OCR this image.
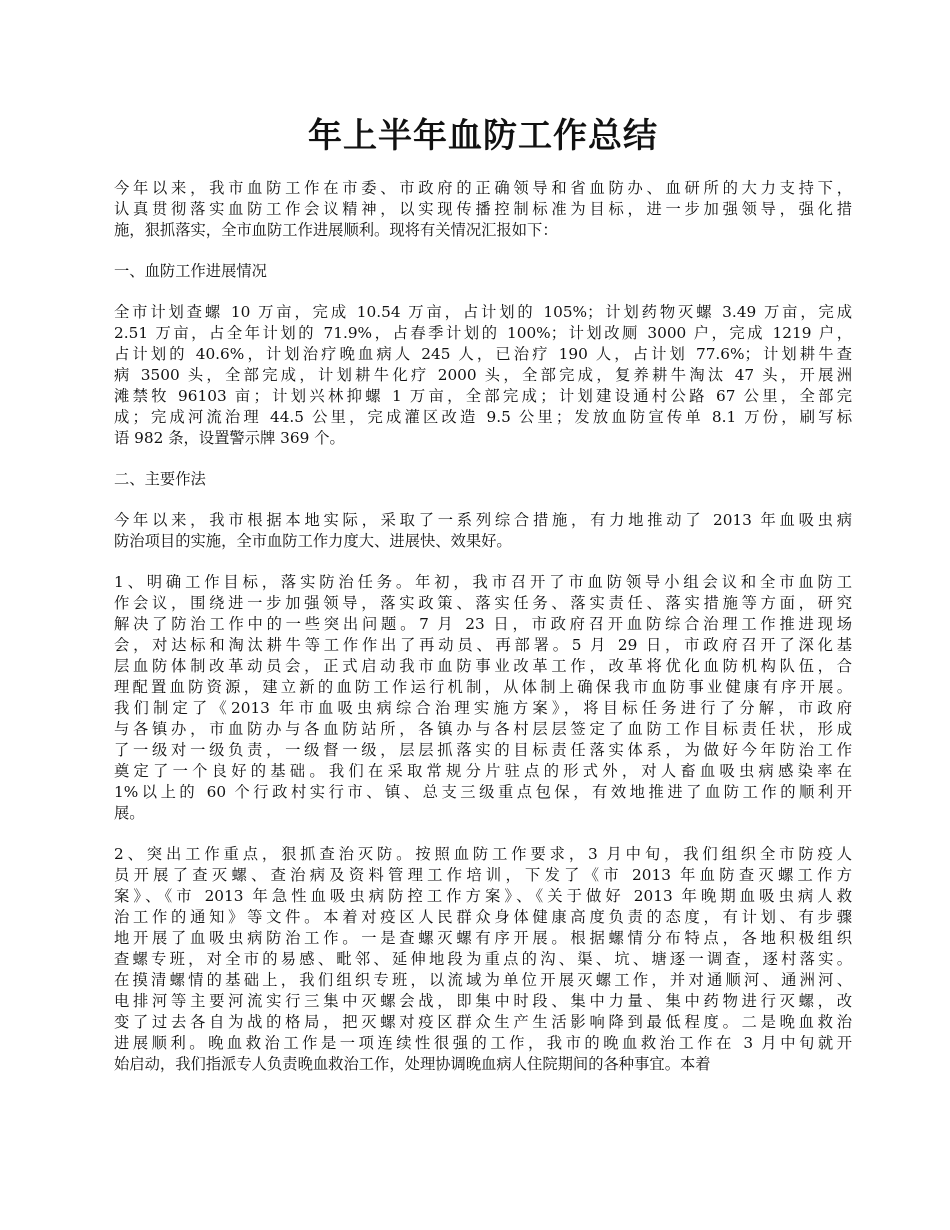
年上半年血防工作总结
今年以来，我市血防工作在市委、市政府的正确领导和省血防办、血研所的大力支持下，
认真贯彻落实血防工作会议精神，以实现传播控制标准为目标，进一步加强领导，强化措
施，狠抓落实，全市血防工作进展顺利。现将有关情况汇报如下：
一、血防工作进展情况
全市计划查螺 10 万亩，完成 10.54 万亩，占计划的 105%；计划药物灭螺 3.49 万亩，完成
2.51 万亩，占全年计划的 71.9%，占春季计划的 100%；计划改厕 3000 户，完成 1219 户，
占计划的 40.6%，计划治疗晚血病人 245 人，已治疗 190 人，占计划 77.6%；计划耕牛查
病 3500 头，全部完成，计划耕牛化疗 2000 头，全部完成，复养耕牛淘汰 47 头，开展洲
滩禁牧 96103 亩；计划兴林抑螺 1 万亩，全部完成；计划建设通村公路 67 公里，全部完
成；完成河流治理 44.5 公里，完成灌区改造 9.5 公里；发放血防宣传单 8.1 万份，刷写标
语 982 条，设置警示牌 369 个。
二、主要作法
今年以来，我市根据本地实际，采取了一系列综合措施，有力地推动了 2013 年血吸虫病
防治项目的实施，全市血防工作力度大、进展快、效果好。
1、明确工作目标，落实防治任务。年初，我市召开了市血防领导小组会议和全市血防工
作会议，围绕进一步加强领导，落实政策、落实任务、落实责任、落实措施等方面，研究
解决了防治工作中的一些突出问题。7 月 23 日，市政府召开血防综合治理工作推进现场
会，对达标和淘汰耕牛等工作作出了再动员、再部署。5 月 29 日，市政府召开了深化基
层血防体制改革动员会，正式启动我市血防事业改革工作，改革将优化血防机构队伍，合
理配置血防资源，建立新的血防工作运行机制，从体制上确保我市血防事业健康有序开展。
我们制定了《2013 年市血吸虫病综合治理实施方案》，将目标任务进行了分解，市政府
与各镇办，市血防办与各血防站所，各镇办与各村层层签定了血防工作目标责任状，形成
了一级对一级负责，一级督一级，层层抓落实的目标责任落实体系，为做好今年防治工作
奠定了一个良好的基础。我们在采取常规分片驻点的形式外，对人畜血吸虫病感染率在
1%以上的 60 个行政村实行市、镇、总支三级重点包保，有效地推进了血防工作的顺利开
展。
2、突出工作重点，狠抓查治灭防。按照血防工作要求，3 月中旬，我们组织全市防疫人
员开展了查灭螺、查治病及资料管理工作培训，下发了《市 2013 年血防查灭螺工作方
案》、《市 2013 年急性血吸虫病防控工作方案》、《关于做好 2013 年晚期血吸虫病人救
治工作的通知》等文件。本着对疫区人民群众身体健康高度负责的态度，有计划、有步骤
地开展了血吸虫病防治工作。一是查螺灭螺有序开展。根据螺情分布特点，各地积极组织
查螺专班，对全市的易感、毗邻、延伸地段为重点的沟、渠、坑、塘逐一调查，逐村落实。
在摸清螺情的基础上，我们组织专班，以流域为单位开展灭螺工作，并对通顺河、通洲河、
电排河等主要河流实行三集中灭螺会战，即集中时段、集中力量、集中药物进行灭螺，改
变了过去各自为战的格局，把灭螺对疫区群众生产生活影响降到最低程度。二是晚血救治
进展顺利。晚血救治工作是一项连续性很强的工作，我市的晚血救治工作在 3 月中旬就开
始启动，我们指派专人负责晚血救治工作，处理协调晚血病人住院期间的各种事宜。本着
